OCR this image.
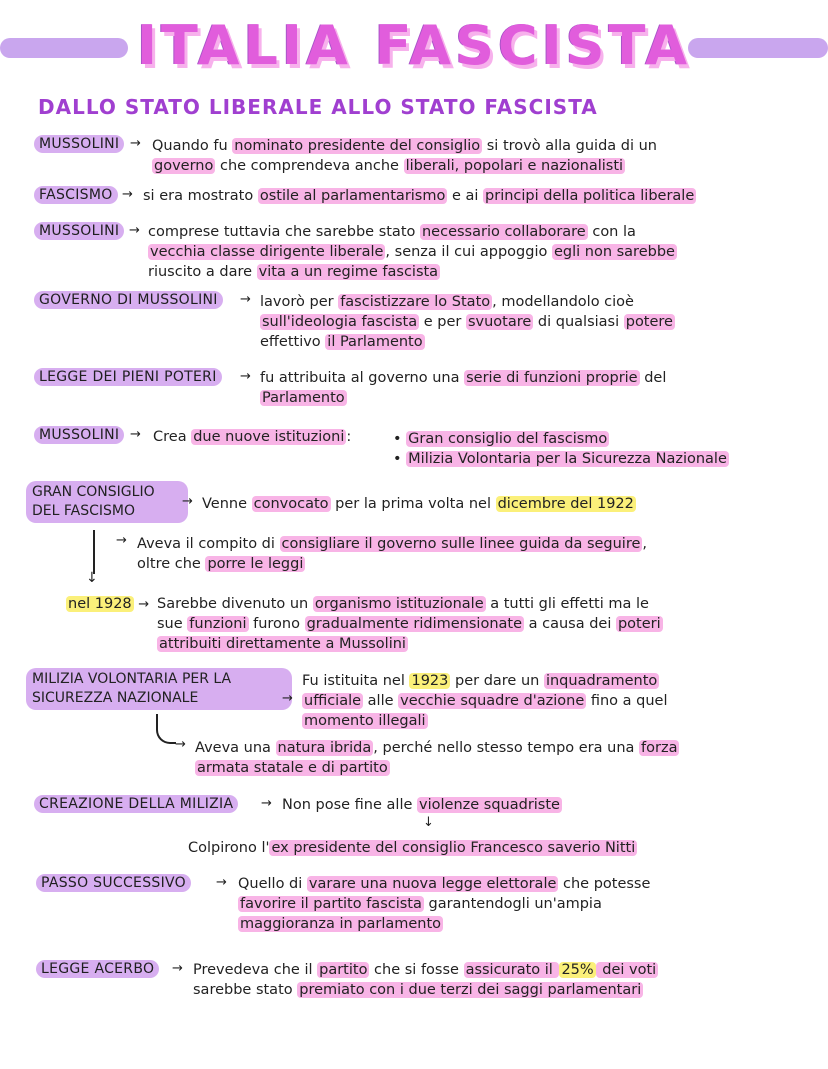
ITALIA FASCISTA
DALLO STATO LIBERALE ALLO STATO FASCISTA
MUSSOLINI → Quando fu nominato presidente del consiglio si trovò alla guida di un
governo che comprendeva anche liberali, popolari e nazionalisti
FASCISMO → si era mostrato ostile al parlamentarismo e ai principi della politica liberale
MUSSOLINI → comprese tuttavia che sarebbe stato necessario collaborare con la
vecchia classe dirigente liberale , senza il cui appoggio egli non sarebbe
riuscito a dare vita a un regime fascista
GOVERNO DI MUSSOLINI	→ lavorò per fascistizzare lo Stato , modellandolo cioè
sull'ideologia fascista e per svuotare di qualsiasi potere
effettivo il Parlamento
LEGGE DEI PIENI POTERI	→ fu attribuita al governo una serie di funzioni proprie del
Parlamento
MUSSOLINI → Crea due nuove istituzioni :	• Gran consiglio del fascismo
• Milizia Volontaria per la Sicurezza Nazionale
GRAN CONSIGLIO
DEL FASCISMO
→ Venne convocato per la prima volta nel dicembre del 1922
↓
→ Aveva il compito di consigliare il governo sulle linee guida da seguire ,
oltre che porre le leggi
nel 1928 → Sarebbe divenuto un organismo istituzionale a tutti gli effetti ma le
sue funzioni furono gradualmente ridimensionate a causa dei poteri
attribuiti direttamente a Mussolini
MILIZIA VOLONTARIA PER LA
SICUREZZA NAZIONALE	→
Fu istituita nel 1923 per dare un inquadramento
ufficiale alle vecchie squadre d'azione fino a quel
momento illegali
→ Aveva una natura ibrida , perché nello stesso tempo era una forza
armata statale e di partito
CREAZIONE DELLA MILIZIA	→ Non pose fine alle violenze squadriste
↓
Colpirono l' ex presidente del consiglio Francesco saverio Nitti
PASSO SUCCESSIVO	→ Quello di varare una nuova legge elettorale che potesse
favorire il partito fascista garantendogli un'ampia
maggioranza in parlamento
LEGGE ACERBO	→ Prevedeva che il partito che si fosse assicurato il 25% dei voti
sarebbe stato premiato con i due terzi dei saggi parlamentari
